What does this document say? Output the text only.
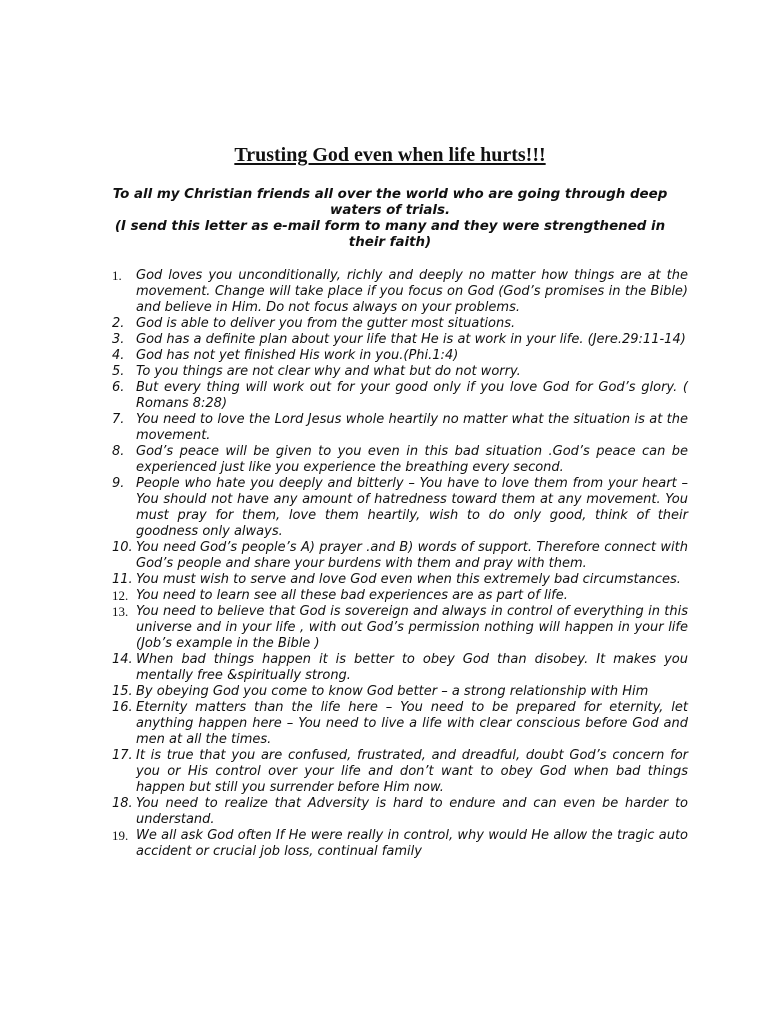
Trusting God even when life hurts!!!

To all my Christian friends all over the world who are going through deep waters of trials.

(I send this letter as e-mail form to many and they were strengthened in their faith)

1.	God loves you unconditionally, richly and deeply no matter how things are at the movement. Change will take place if you focus on God (God’s promises in the Bible) and believe in Him. Do not focus always on your problems.
2. God is able to deliver you from the gutter most situations.
3. God has a definite plan about your life that He is at work in your life. (Jere.29:11-14)
4. God has not yet finished His work in you.(Phi.1:4)
5. To you things are not clear why and what but do not worry.
6. But every thing will work out for your good only if you love God for God’s glory. ( Romans 8:28)
7. You need to love the Lord Jesus whole heartily no matter what the situation is at the movement.
8. God’s peace will be given to you even in this bad situation .God’s peace can be experienced just like you experience the breathing every second.
9. People who hate you deeply and bitterly – You have to love them from your heart – You should not have any amount of hatredness toward them at any movement. You must pray for them, love them heartily, wish to do only good, think of their goodness only always.
10. You need God’s people’s A) prayer .and B) words of support. Therefore connect with God’s people and share your burdens with them and pray with them.
11. You must wish to serve and love God even when this extremely bad circumstances.
12. You need to learn see all these bad experiences are as part of life.
13. You need to believe that God is sovereign and always in control of everything in this universe and in your life , with out God’s permission nothing will happen in your life (Job’s example in the Bible )
14. When bad things happen it is better to obey God than disobey. It makes you mentally free &spiritually strong.
15. By obeying God you come to know God better – a strong relationship with Him
16. Eternity matters than the life here – You need to be prepared for eternity, let anything happen here – You need to live a life with clear conscious before God and men at all the times.
17. It is true that you are confused, frustrated, and dreadful, doubt God’s concern for you or His control over your life and don’t want to obey God when bad things happen but still you surrender before Him now.
18. You need to realize that Adversity is hard to endure and can even be harder to understand.
19. We all ask God often If He were really in control, why would He allow the tragic auto accident or crucial job loss, continual family
